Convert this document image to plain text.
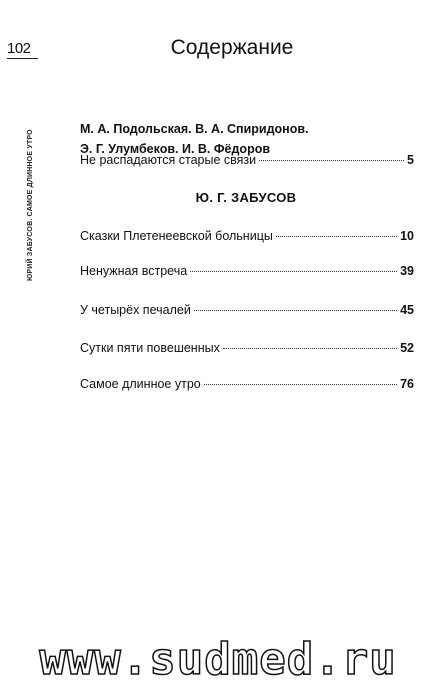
102
ЮРИЙ ЗАБУСОВ. САМОЕ ДЛИННОЕ УТРО
Содержание
М. А. Подольская. В. А. Спиридонов.
Э. Г. Улумбеков. И. В. Фёдоров
Не распадаются старые связи	5
Ю. Г. ЗАБУСОВ
Сказки Плетенеевской больницы	10
Ненужная встреча	39
У четырёх печалей	45
Сутки пяти повешенных	52
Самое длинное утро	76
www.sudmed.ru
